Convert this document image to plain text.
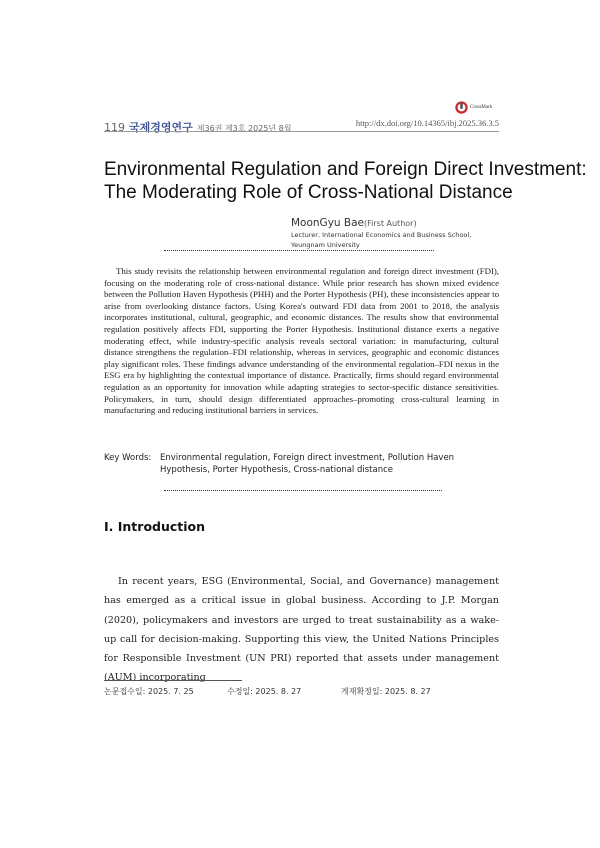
CrossMark
119 국제경영연구 제36권 제3호 2025년 8월
http://dx.doi.org/10.14365/ibj.2025.36.3.5
Environmental Regulation and Foreign Direct Investment:
The Moderating Role of Cross-National Distance
MoonGyu Bae(First Author)
Lecturer, International Economics and Business School,
Yeungnam University

This study revisits the relationship between environmental regulation and foreign direct investment (FDI), focusing on the moderating role of cross-national distance. While prior research has shown mixed evidence between the Pollution Haven Hypothesis (PHH) and the Porter Hypothesis (PH), these inconsistencies appear to arise from overlooking distance factors. Using Korea's outward FDI data from 2001 to 2018, the analysis incorporates institutional, cultural, geographic, and economic distances. The results show that environmental regulation positively affects FDI, supporting the Porter Hypothesis. Institutional distance exerts a negative moderating effect, while industry-specific analysis reveals sectoral variation: in manufacturing, cultural distance strengthens the regulation–FDI relationship, whereas in services, geographic and economic distances play significant roles. These findings advance understanding of the environmental regulation–FDI nexus in the ESG era by highlighting the contextual importance of distance. Practically, firms should regard environmental regulation as an opportunity for innovation while adapting strategies to sector-specific distance sensitivities. Policymakers, in turn, should design differentiated approaches–promoting cross-cultural learning in manufacturing and reducing institutional barriers in services.

Key Words: Environmental regulation, Foreign direct investment, Pollution Haven Hypothesis, Porter Hypothesis, Cross-national distance
Ⅰ. Introduction

In recent years, ESG (Environmental, Social, and Governance) management has emerged as a critical issue in global business. According to J.P. Morgan (2020), policymakers and investors are urged to treat sustainability as a wake-up call for decision-making. Supporting this view, the United Nations Principles for Responsible Investment (UN PRI) reported that assets under management (AUM) incorporating

논문접수일: 2025. 7. 25	수정일: 2025. 8. 27	게재확정일: 2025. 8. 27
